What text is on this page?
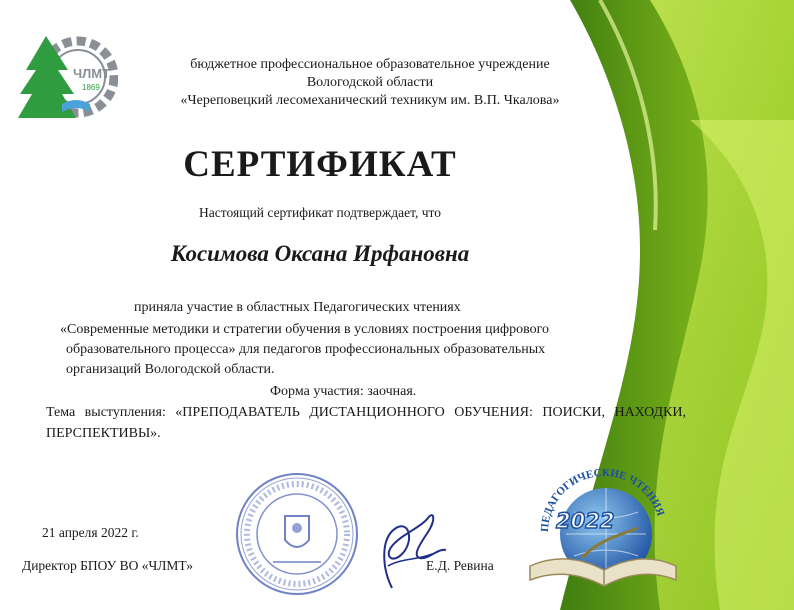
ЧЛМТ
1869
бюджетное профессиональное образовательное учреждение
Вологодской области
«Череповецкий лесомеханический техникум им. В.П. Чкалова»
СЕРТИФИКАТ
Настоящий сертификат подтверждает, что
Косимова Оксана Ирфановна
приняла участие в областных Педагогических чтениях
«Современные методики и стратегии обучения в условиях построения цифрового
образовательного процесса» для педагогов профессиональных образовательных
организаций Вологодской области.
Форма участия: заочная.
Тема выступления: «ПРЕПОДАВАТЕЛЬ ДИСТАНЦИОННОГО ОБУЧЕНИЯ: ПОИСКИ, НАХОДКИ, ПЕРСПЕКТИВЫ».
21 апреля 2022 г.
Директор БПОУ ВО «ЧЛМТ»	Е.Д. Ревина
ПЕДАГОГИЧЕСКИЕ ЧТЕНИЯ
2022
